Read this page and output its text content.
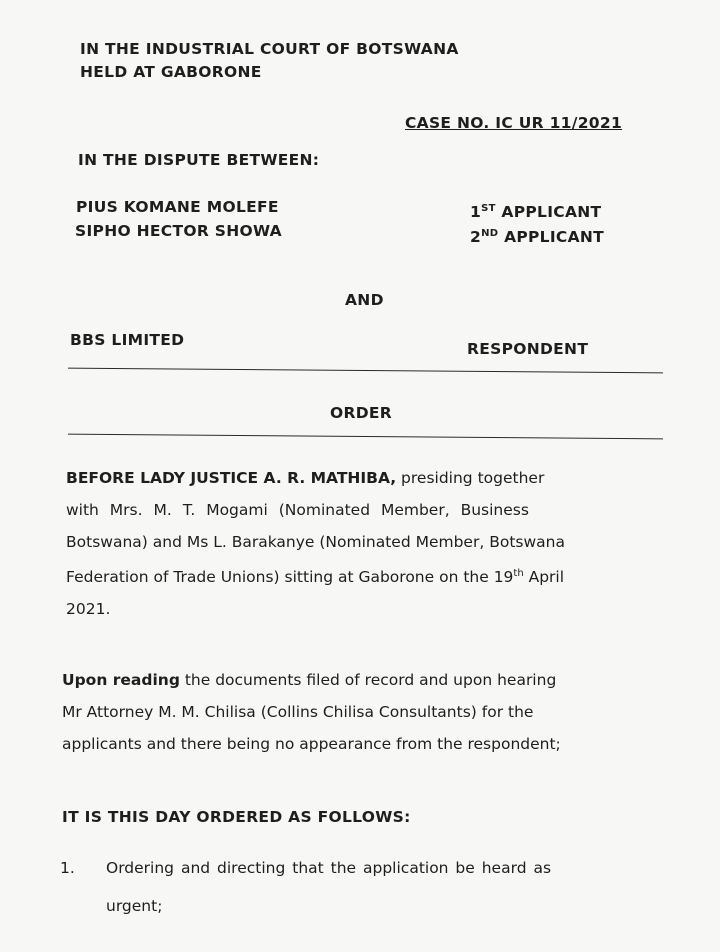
IN THE INDUSTRIAL COURT OF BOTSWANA
HELD AT GABORONE
CASE NO. IC UR 11/2021
IN THE DISPUTE BETWEEN:
PIUS KOMANE MOLEFE	1ST APPLICANT
SIPHO HECTOR SHOWA	2ND APPLICANT
AND
BBS LIMITED	RESPONDENT
ORDER
BEFORE LADY JUSTICE A. R. MATHIBA, presiding together
with Mrs. M. T. Mogami (Nominated Member, Business
Botswana) and Ms L. Barakanye (Nominated Member, Botswana
Federation of Trade Unions) sitting at Gaborone on the 19th April
2021.
Upon reading the documents filed of record and upon hearing
Mr Attorney M. M. Chilisa (Collins Chilisa Consultants) for the
applicants and there being no appearance from the respondent;
IT IS THIS DAY ORDERED AS FOLLOWS:
1. Ordering and directing that the application be heard as
urgent;
